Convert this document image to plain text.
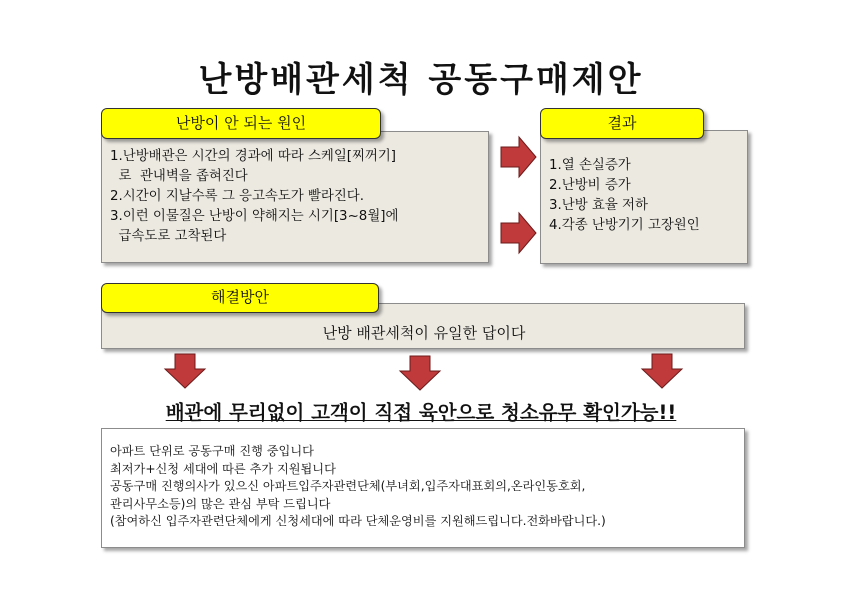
난방배관세척 공동구매제안
1.난방배관은 시간의 경과에 따라 스케일[찌꺼기]
로  관내벽을 좁혀진다
2.시간이 지날수록 그 응고속도가 빨라진다.
3.이런 이물질은 난방이 약해지는 시기[3~8월]에
급속도로 고착된다
난방이 안 되는 원인
1.열 손실증가
2.난방비 증가
3.난방 효율 저하
4.각종 난방기기 고장원인
결과
난방 배관세척이 유일한 답이다
해결방안
배관에 무리없이 고객이 직접 육안으로 청소유무 확인가능!!
아파트 단위로 공동구매 진행 중입니다
최저가+신청 세대에 따른 추가 지원됩니다
공동구매 진행의사가 있으신 아파트입주자관련단체(부녀회,입주자대표회의,온라인동호회,
관리사무소등)의 많은 관심 부탁 드립니다
(참여하신 입주자관련단체에게 신청세대에 따라 단체운영비를 지원해드립니다.전화바랍니다.)
